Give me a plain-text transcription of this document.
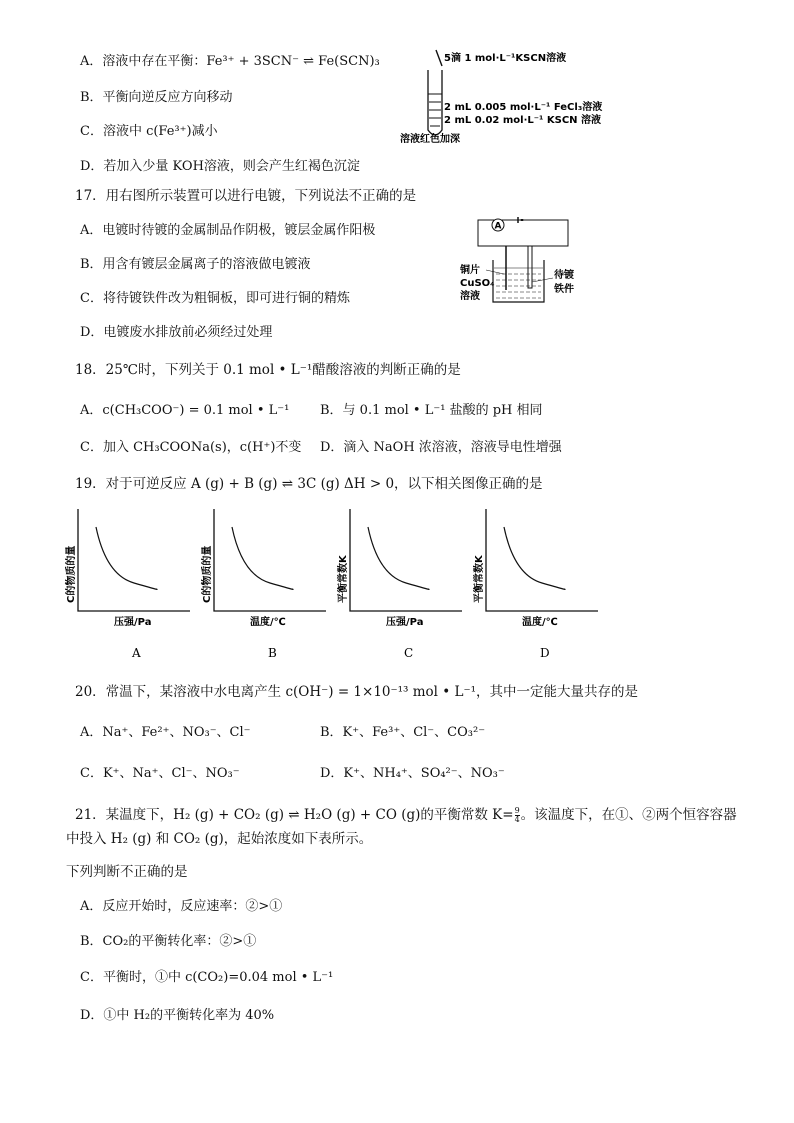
A．溶液中存在平衡：Fe³⁺ + 3SCN⁻ ⇌ Fe(SCN)₃
B．平衡向逆反应方向移动
C．溶液中 c(Fe³⁺)减小
D．若加入少量 KOH溶液，则会产生红褐色沉淀
5滴 1 mol·L⁻¹KSCN溶液
2 mL 0.005 mol·L⁻¹ FeCl₃溶液
2 mL 0.02 mol·L⁻¹ KSCN 溶液
溶液红色加深
17．用右图所示装置可以进行电镀，下列说法不正确的是
A．电镀时待镀的金属制品作阴极，镀层金属作阳极
B．用含有镀层金属离子的溶液做电镀液
C．将待镀铁件改为粗铜板，即可进行铜的精炼
D．电镀废水排放前必须经过处理
A
铜片
CuSO₄
溶液
待镀
铁件
18．25℃时，下列关于 0.1 mol • L⁻¹醋酸溶液的判断正确的是
A．c(CH₃COO⁻) = 0.1 mol • L⁻¹ B．与 0.1 mol • L⁻¹ 盐酸的 pH 相同
C．加入 CH₃COONa(s)，c(H⁺)不变 D．滴入 NaOH 浓溶液，溶液导电性增强
19．对于可逆反应 A (g) + B (g) ⇌ 3C (g) ΔH > 0，以下相关图像正确的是
C的物质的量
压强/Pa
A
C的物质的量
温度/℃
B
平衡常数K
压强/Pa
C
平衡常数K
温度/℃
D
20．常温下，某溶液中水电离产生 c(OH⁻) = 1×10⁻¹³ mol • L⁻¹，其中一定能大量共存的是
A．Na⁺、Fe²⁺、NO₃⁻、Cl⁻	B．K⁺、Fe³⁺、Cl⁻、CO₃²⁻
C．K⁺、Na⁺、Cl⁻、NO₃⁻	D．K⁺、NH₄⁺、SO₄²⁻、NO₃⁻
21．某温度下，H₂ (g) + CO₂ (g) ⇌ H₂O (g) + CO (g)的平衡常数 $K= \frac{9}{4}$ 。该温度下，在①、②两个恒容容器
中投入 H₂ (g) 和 CO₂ (g)，起始浓度如下表所示。
下列判断不正确的是
A．反应开始时，反应速率：②>①
B．CO₂的平衡转化率：②>①
C．平衡时，①中 c(CO₂)=0.04 mol • L⁻¹
D．①中 H₂的平衡转化率为 40%
